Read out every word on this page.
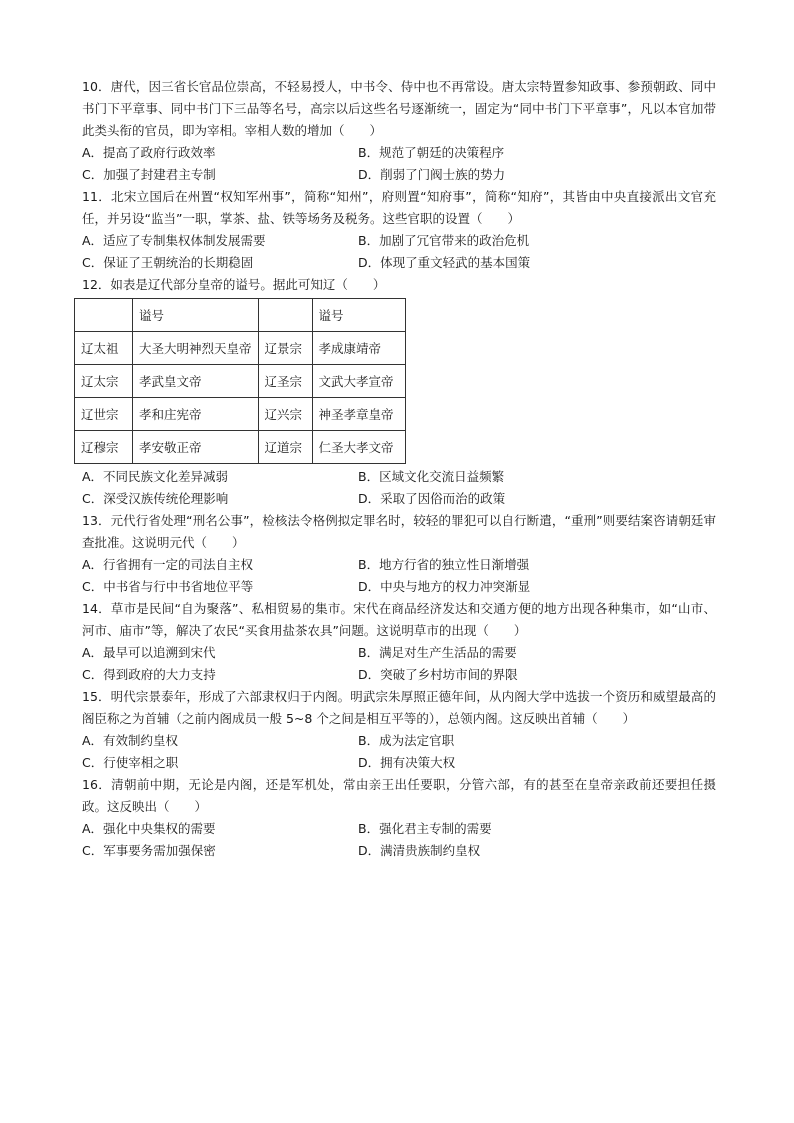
10．唐代，因三省长官品位崇高，不轻易授人，中书令、侍中也不再常设。唐太宗特置参知政事、参预朝政、同中书门下平章事、同中书门下三品等名号，高宗以后这些名号逐渐统一，固定为“同中书门下平章事”，凡以本官加带此类头衔的官员，即为宰相。宰相人数的增加（　　）

A．提高了政府行政效率	B．规范了朝廷的决策程序
C．加强了封建君主专制	D．削弱了门阀士族的势力

11．北宋立国后在州置“权知军州事”，简称“知州”，府则置“知府事”，简称“知府”，其皆由中央直接派出文官充任，并另设“监当”一职，掌茶、盐、铁等场务及税务。这些官职的设置（　　）

A．适应了专制集权体制发展需要	B．加剧了冗官带来的政治危机
C．保证了王朝统治的长期稳固	D．体现了重文轻武的基本国策

12．如表是辽代部分皇帝的谥号。据此可知辽（　　）

	谥号		谥号
辽太祖	大圣大明神烈天皇帝	辽景宗	孝成康靖帝
辽太宗	孝武皇文帝	辽圣宗	文武大孝宣帝
辽世宗	孝和庄宪帝	辽兴宗	神圣孝章皇帝
辽穆宗	孝安敬正帝	辽道宗	仁圣大孝文帝
A．不同民族文化差异减弱	B．区域文化交流日益频繁
C．深受汉族传统伦理影响	D．采取了因俗而治的政策

13．元代行省处理“刑名公事”，检核法令格例拟定罪名时，较轻的罪犯可以自行断遣，“重刑”则要结案咨请朝廷审查批准。这说明元代（　　）

A．行省拥有一定的司法自主权	B．地方行省的独立性日渐增强
C．中书省与行中书省地位平等	D．中央与地方的权力冲突渐显

14．草市是民间“自为聚落”、私相贸易的集市。宋代在商品经济发达和交通方便的地方出现各种集市，如“山市、河市、庙市”等，解决了农民“买食用盐茶农具”问题。这说明草市的出现（　　）

A．最早可以追溯到宋代	B．满足对生产生活品的需要
C．得到政府的大力支持	D．突破了乡村坊市间的界限

15．明代宗景泰年，形成了六部隶权归于内阁。明武宗朱厚照正德年间，从内阁大学中选拔一个资历和威望最高的阁臣称之为首辅（之前内阁成员一般 5~8 个之间是相互平等的），总领内阁。这反映出首辅（　　）

A．有效制约皇权	B．成为法定官职
C．行使宰相之职	D．拥有决策大权

16．清朝前中期，无论是内阁，还是军机处，常由亲王出任要职，分管六部，有的甚至在皇帝亲政前还要担任摄政。这反映出（　　）

A．强化中央集权的需要	B．强化君主专制的需要
C．军事要务需加强保密	D．满清贵族制约皇权
